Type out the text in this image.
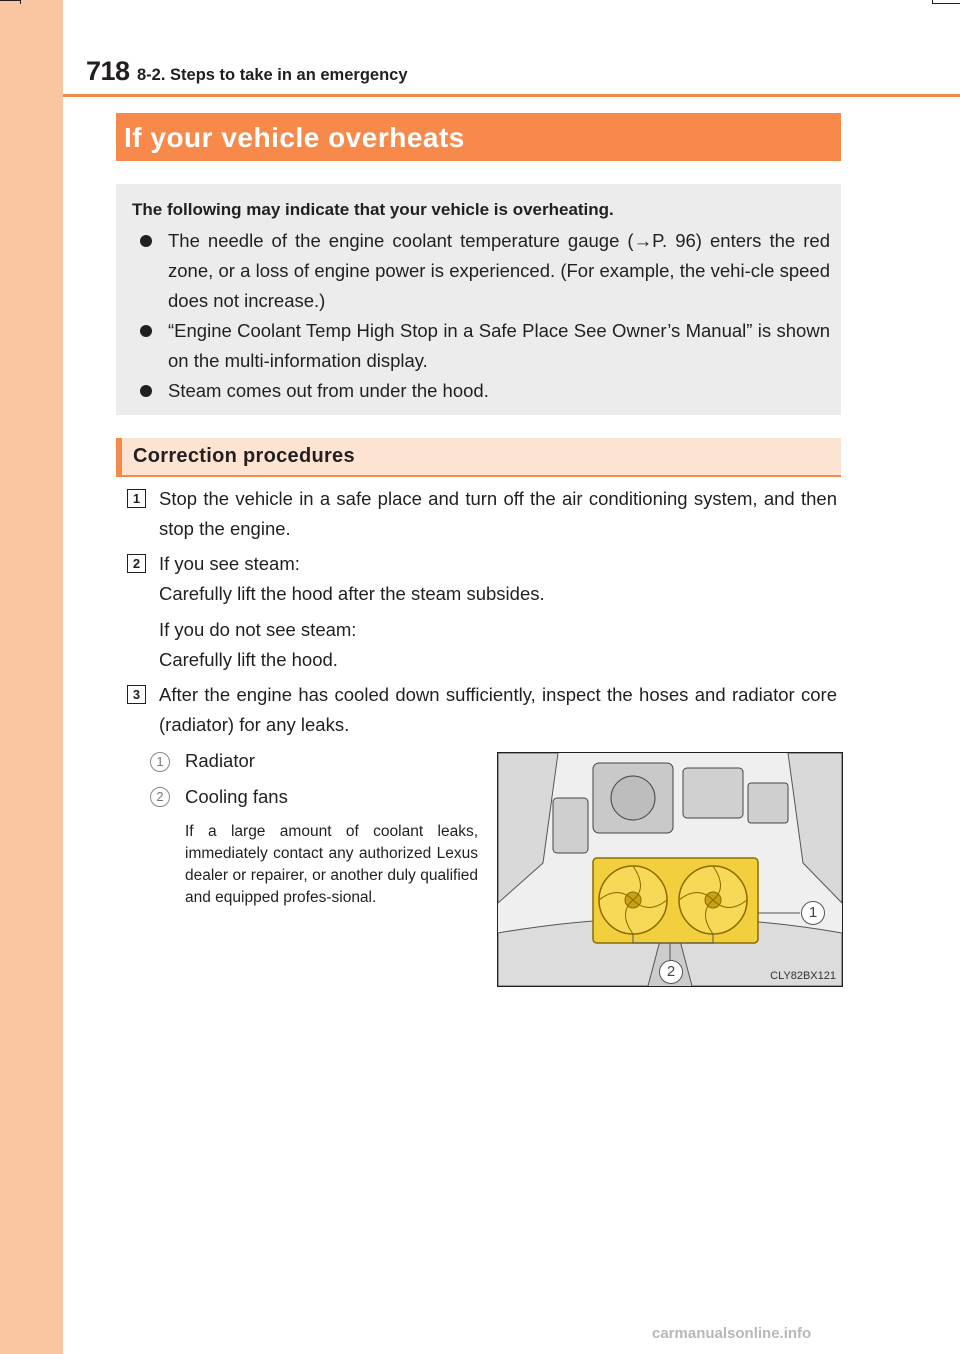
718 8-2. Steps to take in an emergency
If your vehicle overheats
The following may indicate that your vehicle is overheating.
The needle of the engine coolant temperature gauge (→P. 96) enters the red zone, or a loss of engine power is experienced. (For example, the vehi-cle speed does not increase.)
“Engine Coolant Temp High Stop in a Safe Place See Owner’s Manual” is shown on the multi-information display.
Steam comes out from under the hood.
Correction procedures
1	Stop the vehicle in a safe place and turn off the air conditioning system, and then stop the engine.
2	If you see steam:
Carefully lift the hood after the steam subsides.
If you do not see steam:
Carefully lift the hood.
3	After the engine has cooled down sufficiently, inspect the hoses and radiator core (radiator) for any leaks.
1	Radiator
2	Cooling fans
If a large amount of coolant leaks, immediately contact any authorized Lexus dealer or repairer, or another duly qualified and equipped profes-sional.
1
2	CLY82BX121
carmanualsonline.info
